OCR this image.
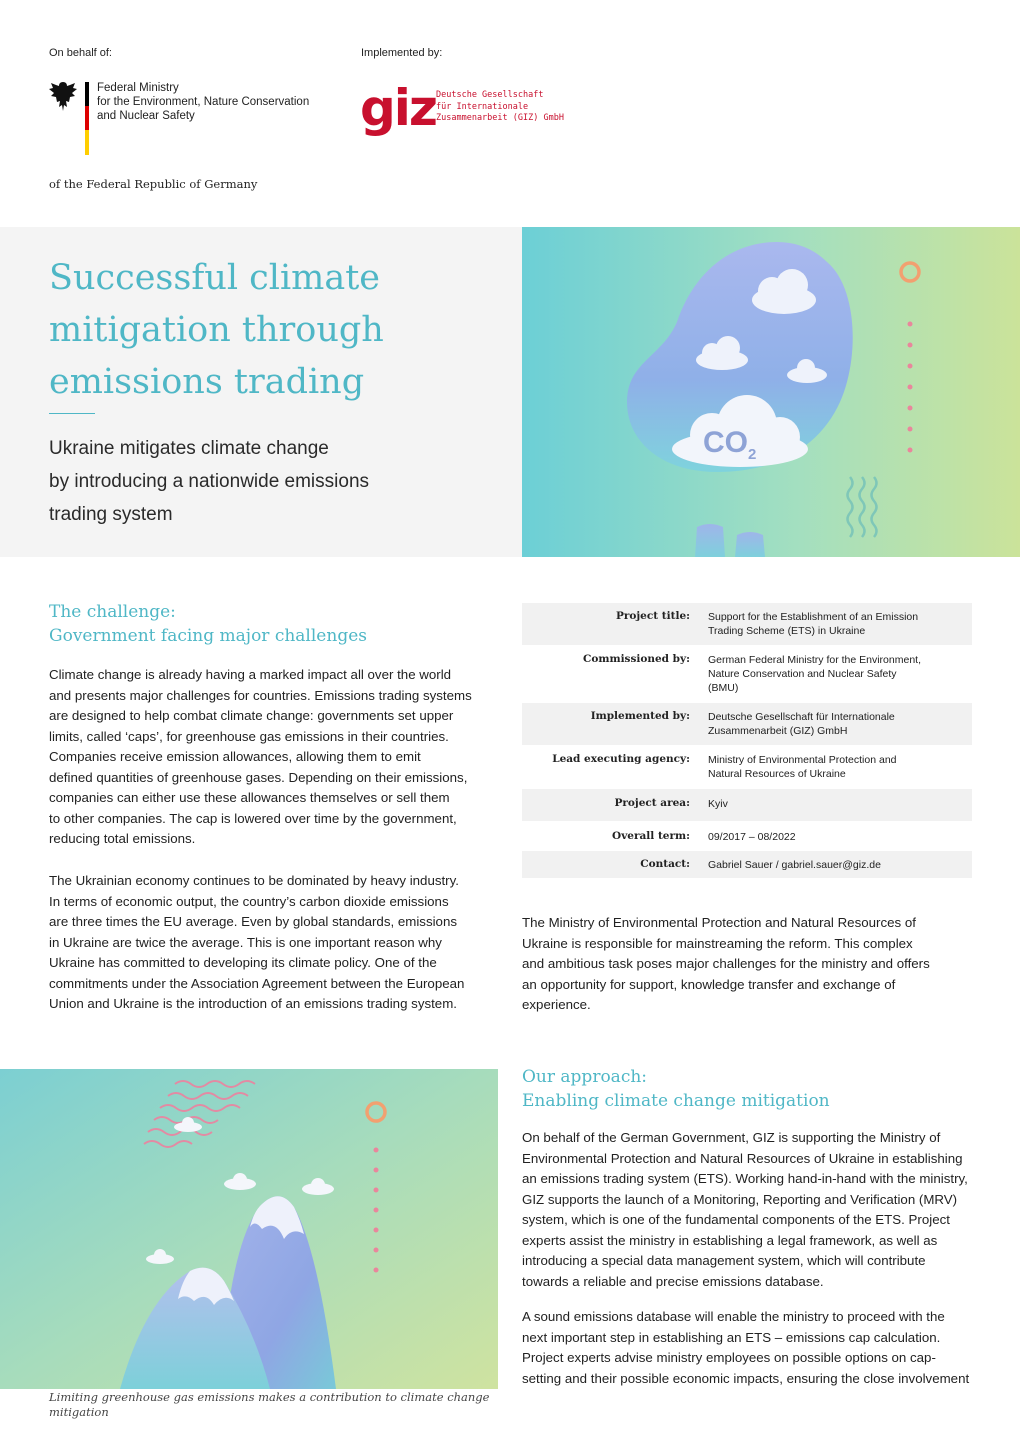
On behalf of:	Implemented by:
Federal Ministry
for the Environment, Nature Conservation
and Nuclear Safety
of the Federal Republic of Germany
giz Deutsche Gesellschaft
für Internationale
Zusammenarbeit (GIZ) GmbH
Successful climate
mitigation through
emissions trading
Ukraine mitigates climate change
by introducing a nationwide emissions
trading system
CO 2
The challenge:
Government facing major challenges
Climate change is already having a marked impact all over the world
and presents major challenges for countries. Emissions trading systems
are designed to help combat climate change: governments set upper
limits, called ‘caps’, for greenhouse gas emissions in their countries.
Companies receive emission allowances, allowing them to emit
defined quantities of greenhouse gases. Depending on their emissions,
companies can either use these allowances themselves or sell them
to other companies. The cap is lowered over time by the government,
reducing total emissions.
The Ukrainian economy continues to be dominated by heavy industry.
In terms of economic output, the country’s carbon dioxide emissions
are three times the EU average. Even by global standards, emissions
in Ukraine are twice the average. This is one important reason why
Ukraine has committed to developing its climate policy. One of the
commitments under the Association Agreement between the European
Union and Ukraine is the introduction of an emissions trading system.
Project title:	Support for the Establishment of an Emission
Trading Scheme (ETS) in Ukraine
Commissioned by:	German Federal Ministry for the Environment,
Nature Conservation and Nuclear Safety
(BMU)
Implemented by:	Deutsche Gesellschaft für Internationale
Zusammenarbeit (GIZ) GmbH
Lead executing agency:	Ministry of Environmental Protection and
Natural Resources of Ukraine
Project area:	Kyiv
Overall term:	09/2017 – 08/2022
Contact:	Gabriel Sauer / gabriel.sauer@giz.de
The Ministry of Environmental Protection and Natural Resources of
Ukraine is responsible for mainstreaming the reform. This complex
and ambitious task poses major challenges for the ministry and offers
an opportunity for support, knowledge transfer and exchange of
experience.
Limiting greenhouse gas emissions makes a contribution to climate change
mitigation
Our approach:
Enabling climate change mitigation
On behalf of the German Government, GIZ is supporting the Ministry of
Environmental Protection and Natural Resources of Ukraine in establishing
an emissions trading system (ETS). Working hand-in-hand with the ministry,
GIZ supports the launch of a Monitoring, Reporting and Verification (MRV)
system, which is one of the fundamental components of the ETS. Project
experts assist the ministry in establishing a legal framework, as well as
introducing a special data management system, which will contribute
towards a reliable and precise emissions database.
A sound emissions database will enable the ministry to proceed with the
next important step in establishing an ETS – emissions cap calculation.
Project experts advise ministry employees on possible options on cap-
setting and their possible economic impacts, ensuring the close involvement
